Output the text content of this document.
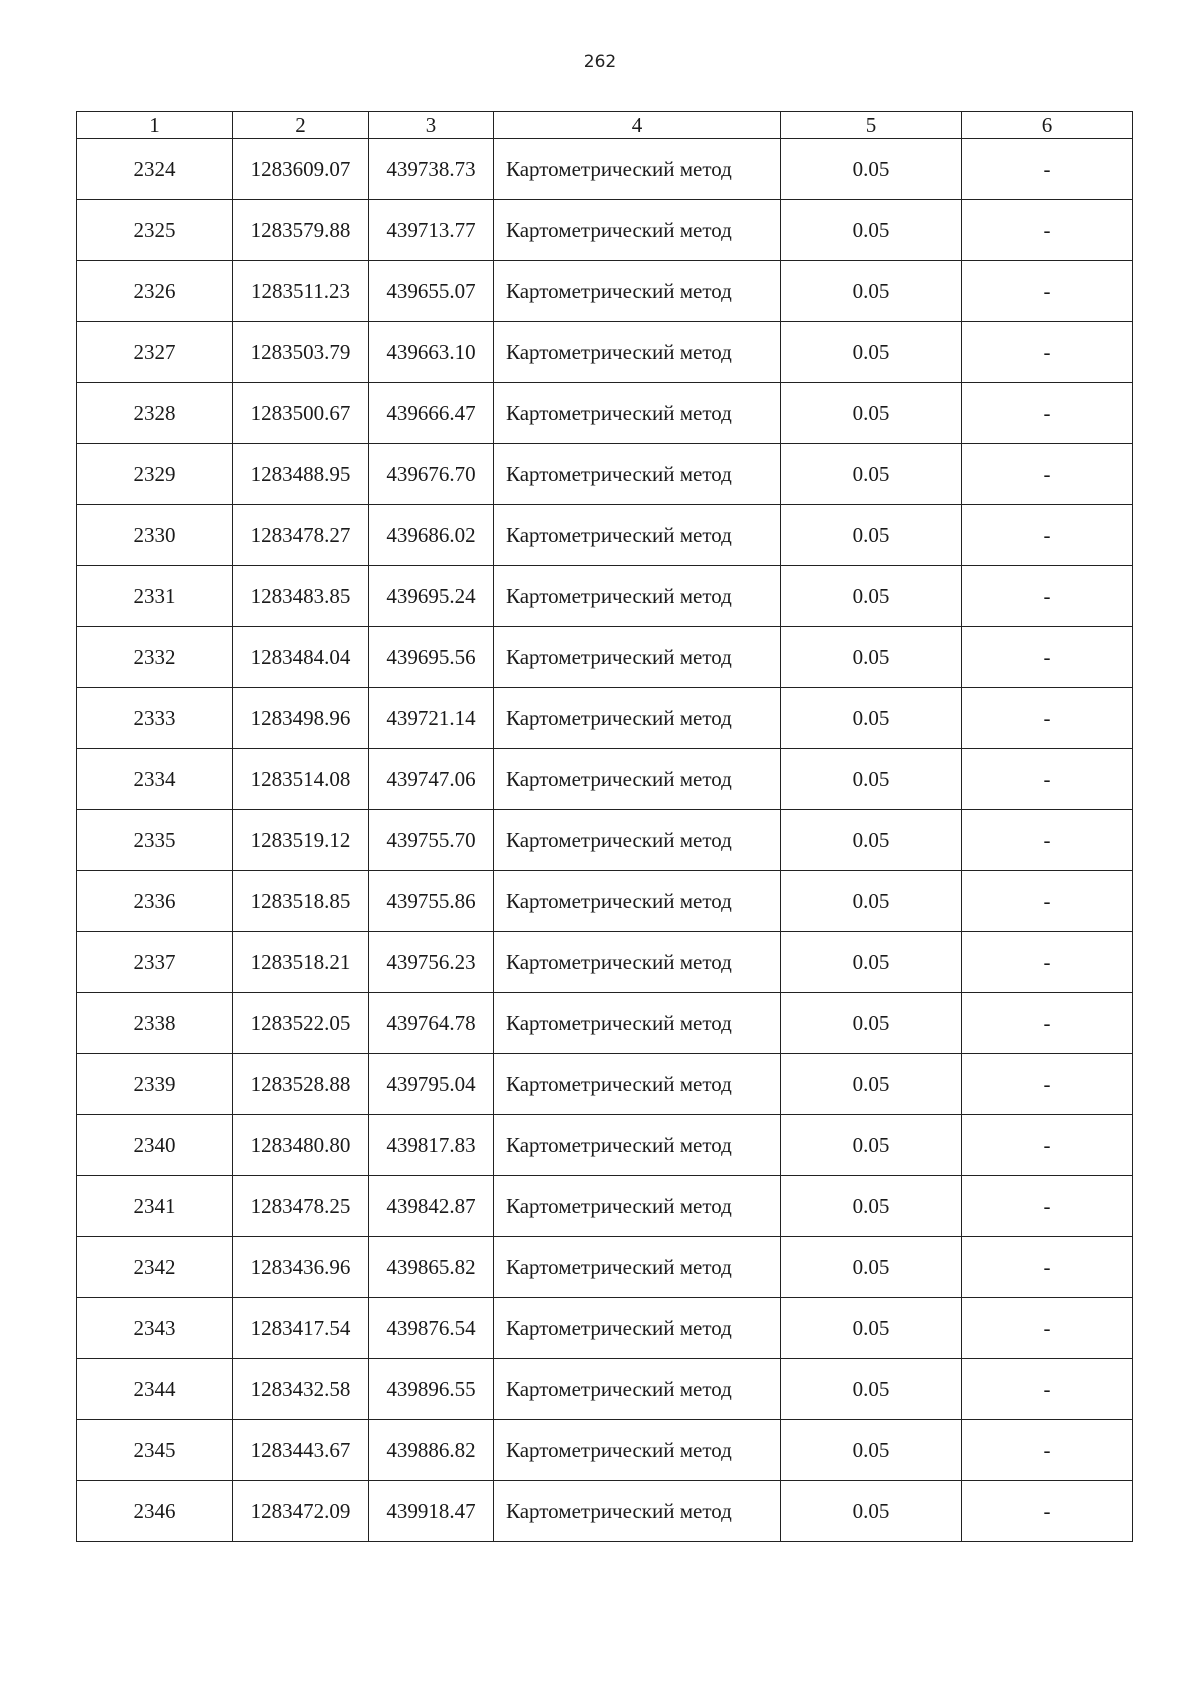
262
1	2	3	4	5	6
2324	1283609.07	439738.73	Картометрический метод	0.05	-
2325	1283579.88	439713.77	Картометрический метод	0.05	-
2326	1283511.23	439655.07	Картометрический метод	0.05	-
2327	1283503.79	439663.10	Картометрический метод	0.05	-
2328	1283500.67	439666.47	Картометрический метод	0.05	-
2329	1283488.95	439676.70	Картометрический метод	0.05	-
2330	1283478.27	439686.02	Картометрический метод	0.05	-
2331	1283483.85	439695.24	Картометрический метод	0.05	-
2332	1283484.04	439695.56	Картометрический метод	0.05	-
2333	1283498.96	439721.14	Картометрический метод	0.05	-
2334	1283514.08	439747.06	Картометрический метод	0.05	-
2335	1283519.12	439755.70	Картометрический метод	0.05	-
2336	1283518.85	439755.86	Картометрический метод	0.05	-
2337	1283518.21	439756.23	Картометрический метод	0.05	-
2338	1283522.05	439764.78	Картометрический метод	0.05	-
2339	1283528.88	439795.04	Картометрический метод	0.05	-
2340	1283480.80	439817.83	Картометрический метод	0.05	-
2341	1283478.25	439842.87	Картометрический метод	0.05	-
2342	1283436.96	439865.82	Картометрический метод	0.05	-
2343	1283417.54	439876.54	Картометрический метод	0.05	-
2344	1283432.58	439896.55	Картометрический метод	0.05	-
2345	1283443.67	439886.82	Картометрический метод	0.05	-
2346	1283472.09	439918.47	Картометрический метод	0.05	-
